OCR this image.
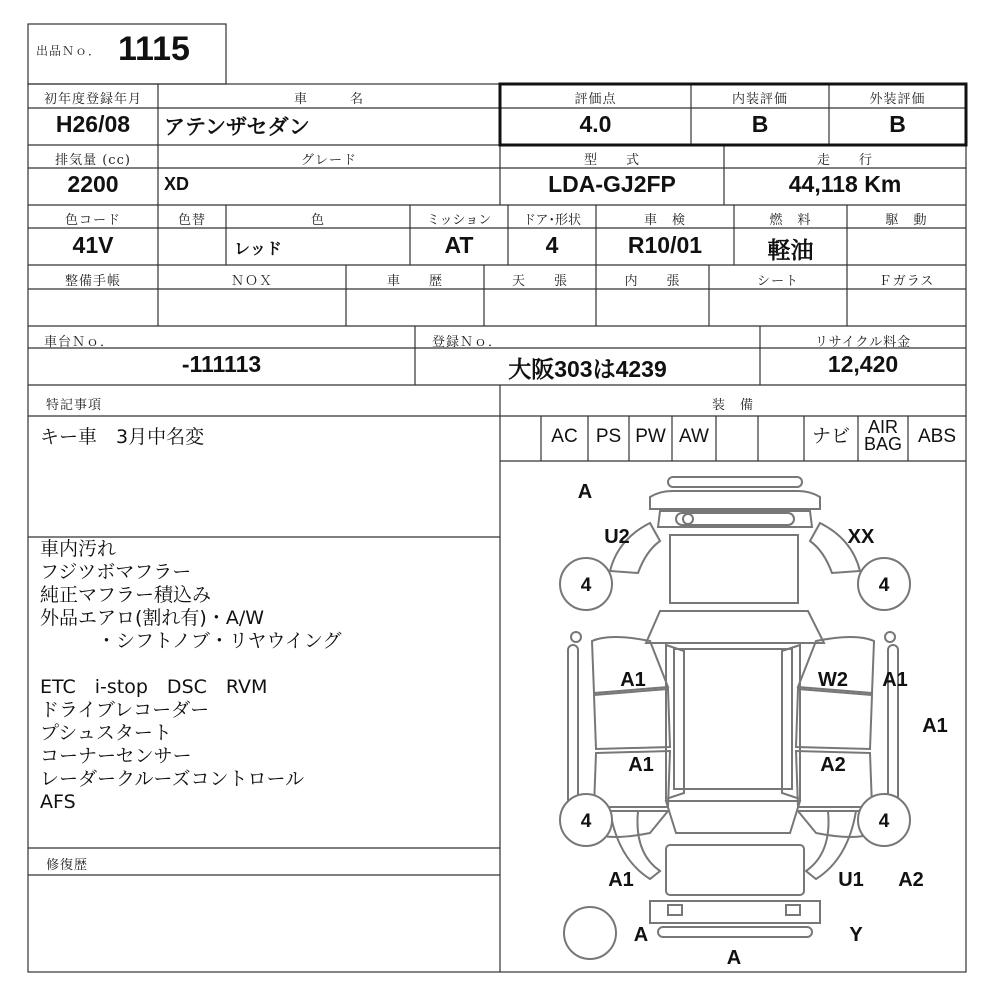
出品Ｎｏ． 1115
初年度登録年月
H26/08
車　　　名
アテンザセダン
評価点
4.0
内装評価
B
外装評価
B
排気量 (cc)
2200
グレード
XD
型　　式
LDA-GJ2FP
走　　行
44,118 Km
色コード
41V
色替	色
レッド
ミッション
AT
ドア･形状
4
車　検
R10/01
燃　料
軽油
駆　動
整備手帳	ＮＯＸ	車　　歴	天　　張	内　　張	シート	Ｆガラス
車台Ｎｏ．
-111113
登録Ｎｏ．
大阪303は4239
リサイクル料金
12,420
特記事項
キー車　3月中名変
車内汚れ
フジツボマフラー
純正マフラー積込み
外品エアロ(割れ有)・A/W
　　　・シフトノブ・リヤウイング
ETC　i-stop　DSC　RVM
ドライブレコーダー
プシュスタート
コーナーセンサー
レーダークルーズコントロール
AFS
修復歴
装　備
AC PS PW AW	ナビ AIR BAG ABS
4	4
4	4
A
U2	XX
A1	W2 A1
A1
A1	A2
A1	U1 A2
A	Y
A
